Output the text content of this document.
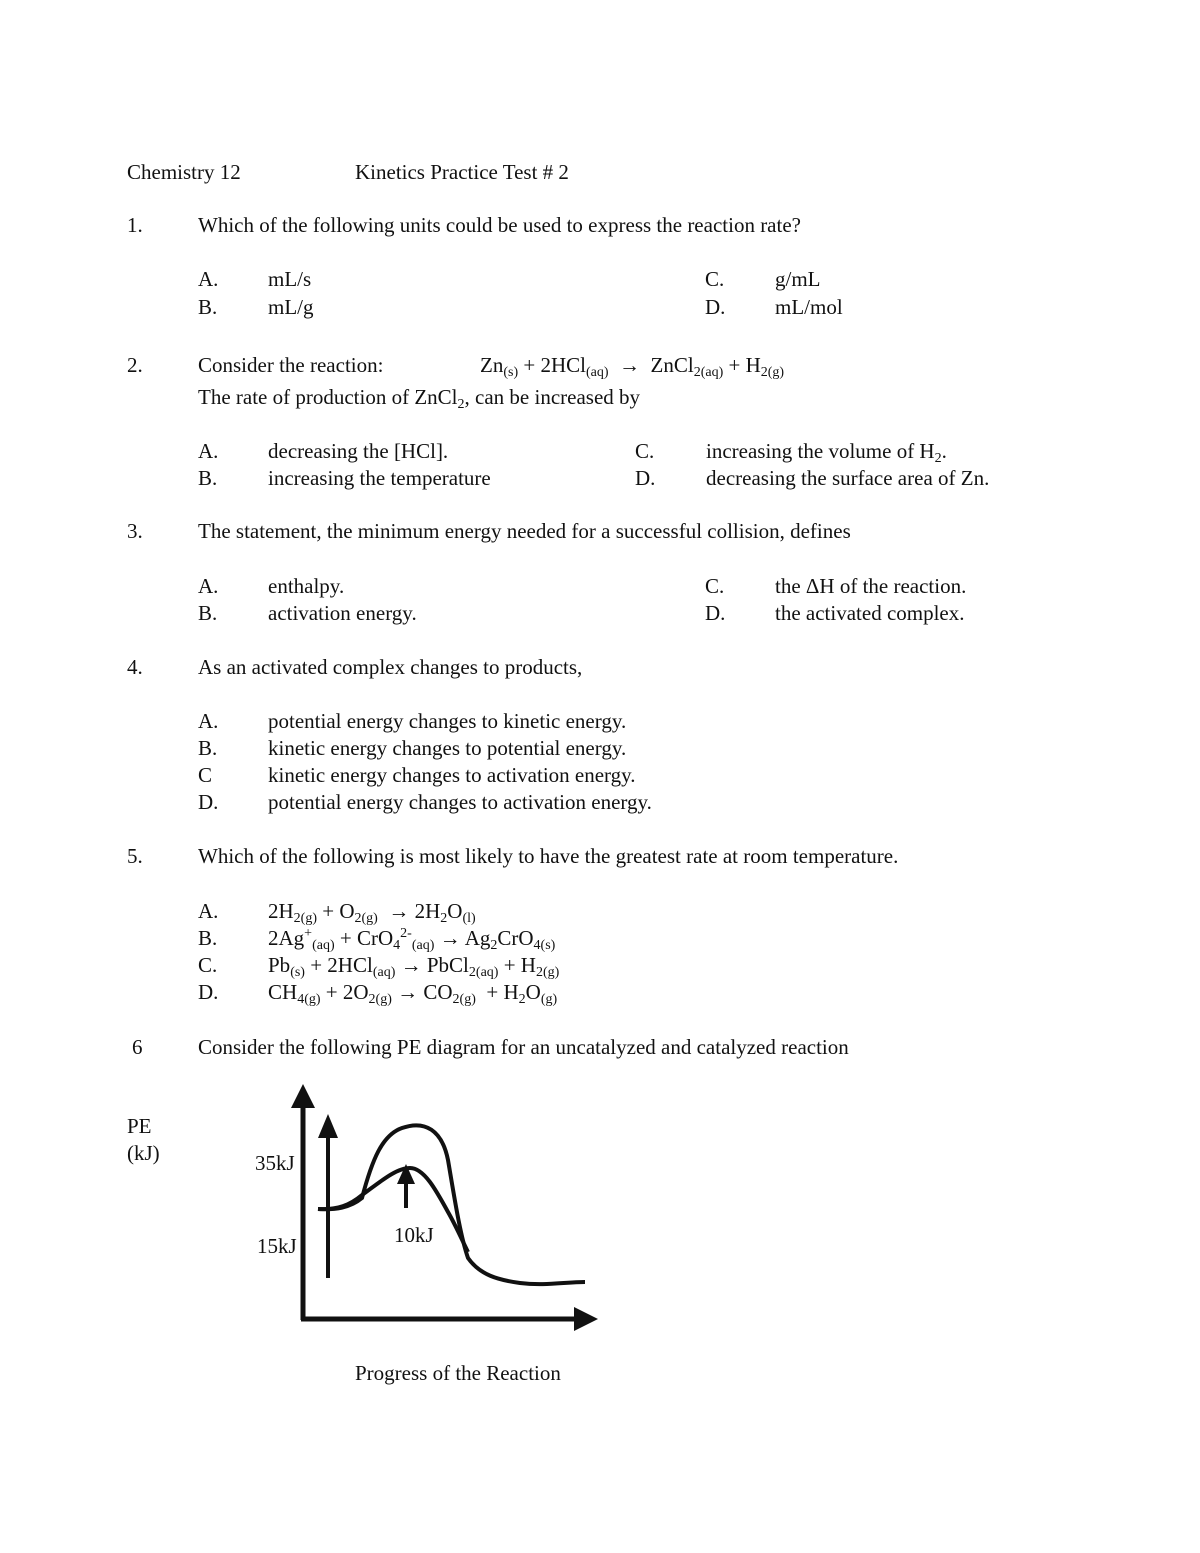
Chemistry 12	Kinetics Practice Test # 2
1.	Which of the following units could be used to express the reaction rate?
A. mL/s
B. mL/g
C. g/mL
D. mL/mol
2.	Consider the reaction:	$Zn_{(s)} + 2HCl_{(aq)}$ → ZnCl$_{2(aq)}$ + $H_{2(g)}$
The rate of production of ZnCl$_2$, can be increased by
A. decreasing the [HCl].
B. increasing the temperature
C. increasing the volume of $H_2$.
D. decreasing the surface area of Zn.
3.	The statement, the minimum energy needed for a successful collision, defines
A. enthalpy.
B. activation energy.
C. the ΔH of the reaction.
D. the activated complex.
4.	As an activated complex changes to products,
A. potential energy changes to kinetic energy.
B. kinetic energy changes to potential energy.
C	kinetic energy changes to activation energy.
D. potential energy changes to activation energy.
5.	Which of the following is most likely to have the greatest rate at room temperature.
A. $2H_{2(g)} + O_{2(g)} \to 2H_2O_{(l)}$
B. $2Ag^+_{(aq)} + CrO_4^{2-}_{(aq)} \to Ag_2CrO_{4(s)}$
C. $Pb_{(s)} + 2HCl_{(aq)}$ → PbCl$_{2(aq)}$ + $H_{2(g)}$
D. $CH_{4(g)} + 2O_{2(g)} \to CO_{2(g)} + H_2O_{(g)}$
6	Consider the following PE diagram for an uncatalyzed and catalyzed reaction
PE
(kJ)	35kJ
15kJ	10kJ
Progress of the Reaction
